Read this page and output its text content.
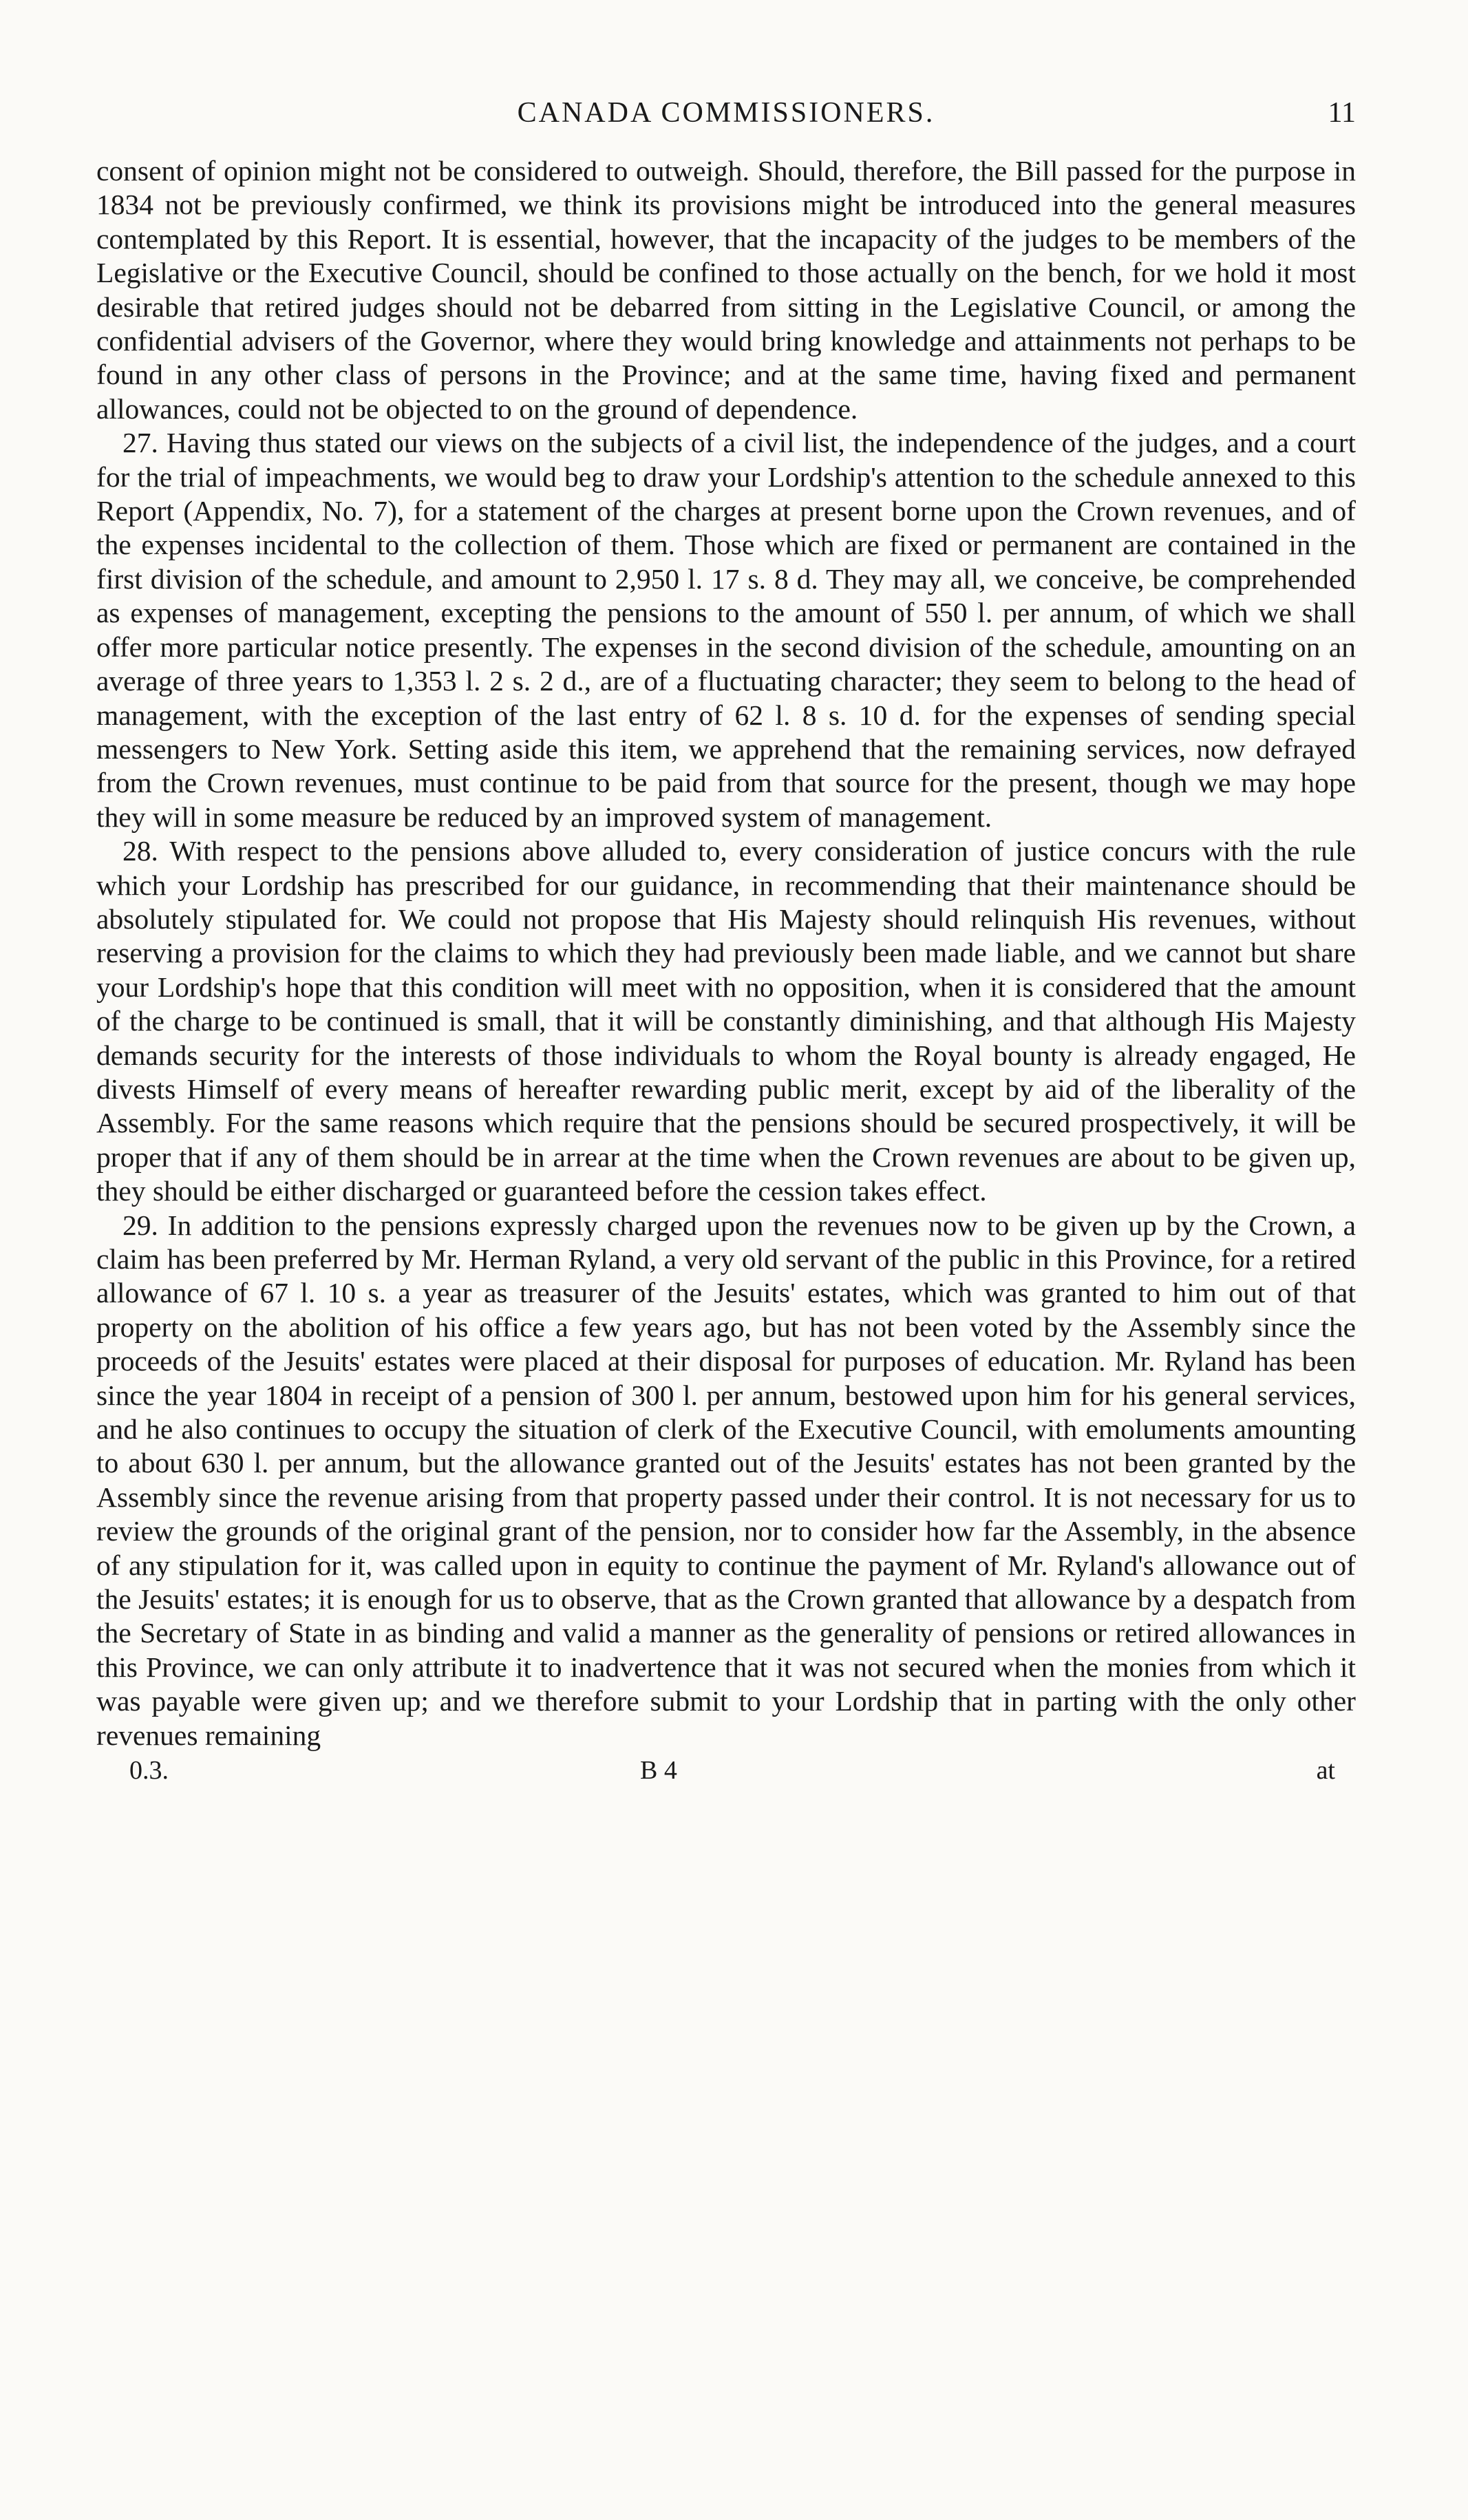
CANADA COMMISSIONERS.	11

consent of opinion might not be considered to outweigh. Should, therefore, the Bill passed for the purpose in 1834 not be previously confirmed, we think its provisions might be introduced into the general measures contemplated by this Report. It is essential, however, that the incapacity of the judges to be members of the Legislative or the Executive Council, should be confined to those actually on the bench, for we hold it most desirable that retired judges should not be debarred from sitting in the Legislative Council, or among the confidential advisers of the Governor, where they would bring knowledge and attainments not perhaps to be found in any other class of persons in the Province; and at the same time, having fixed and permanent allowances, could not be objected to on the ground of dependence.

27. Having thus stated our views on the subjects of a civil list, the independence of the judges, and a court for the trial of impeachments, we would beg to draw your Lordship's attention to the schedule annexed to this Report (Appendix, No. 7), for a statement of the charges at present borne upon the Crown revenues, and of the expenses incidental to the collection of them. Those which are fixed or permanent are contained in the first division of the schedule, and amount to 2,950 l. 17 s. 8 d. They may all, we conceive, be comprehended as expenses of management, excepting the pensions to the amount of 550 l. per annum, of which we shall offer more particular notice presently. The expenses in the second division of the schedule, amounting on an average of three years to 1,353 l. 2 s. 2 d., are of a fluctuating character; they seem to belong to the head of management, with the exception of the last entry of 62 l. 8 s. 10 d. for the expenses of sending special messengers to New York. Setting aside this item, we apprehend that the remaining services, now defrayed from the Crown revenues, must continue to be paid from that source for the present, though we may hope they will in some measure be reduced by an improved system of management.

28. With respect to the pensions above alluded to, every consideration of justice concurs with the rule which your Lordship has prescribed for our guidance, in recommending that their maintenance should be absolutely stipulated for. We could not propose that His Majesty should relinquish His revenues, without reserving a provision for the claims to which they had previously been made liable, and we cannot but share your Lordship's hope that this condition will meet with no opposition, when it is considered that the amount of the charge to be continued is small, that it will be constantly diminishing, and that although His Majesty demands security for the interests of those individuals to whom the Royal bounty is already engaged, He divests Himself of every means of hereafter rewarding public merit, except by aid of the liberality of the Assembly. For the same reasons which require that the pensions should be secured prospectively, it will be proper that if any of them should be in arrear at the time when the Crown revenues are about to be given up, they should be either discharged or guaranteed before the cession takes effect.

29. In addition to the pensions expressly charged upon the revenues now to be given up by the Crown, a claim has been preferred by Mr. Herman Ryland, a very old servant of the public in this Province, for a retired allowance of 67 l. 10 s. a year as treasurer of the Jesuits' estates, which was granted to him out of that property on the abolition of his office a few years ago, but has not been voted by the Assembly since the proceeds of the Jesuits' estates were placed at their disposal for purposes of education. Mr. Ryland has been since the year 1804 in receipt of a pension of 300 l. per annum, bestowed upon him for his general services, and he also continues to occupy the situation of clerk of the Executive Council, with emoluments amounting to about 630 l. per annum, but the allowance granted out of the Jesuits' estates has not been granted by the Assembly since the revenue arising from that property passed under their control. It is not necessary for us to review the grounds of the original grant of the pension, nor to consider how far the Assembly, in the absence of any stipulation for it, was called upon in equity to continue the payment of Mr. Ryland's allowance out of the Jesuits' estates; it is enough for us to observe, that as the Crown granted that allowance by a despatch from the Secretary of State in as binding and valid a manner as the generality of pensions or retired allowances in this Province, we can only attribute it to inadvertence that it was not secured when the monies from which it was payable were given up; and we therefore submit to your Lordship that in parting with the only other revenues remaining

0.3.	B 4	at
